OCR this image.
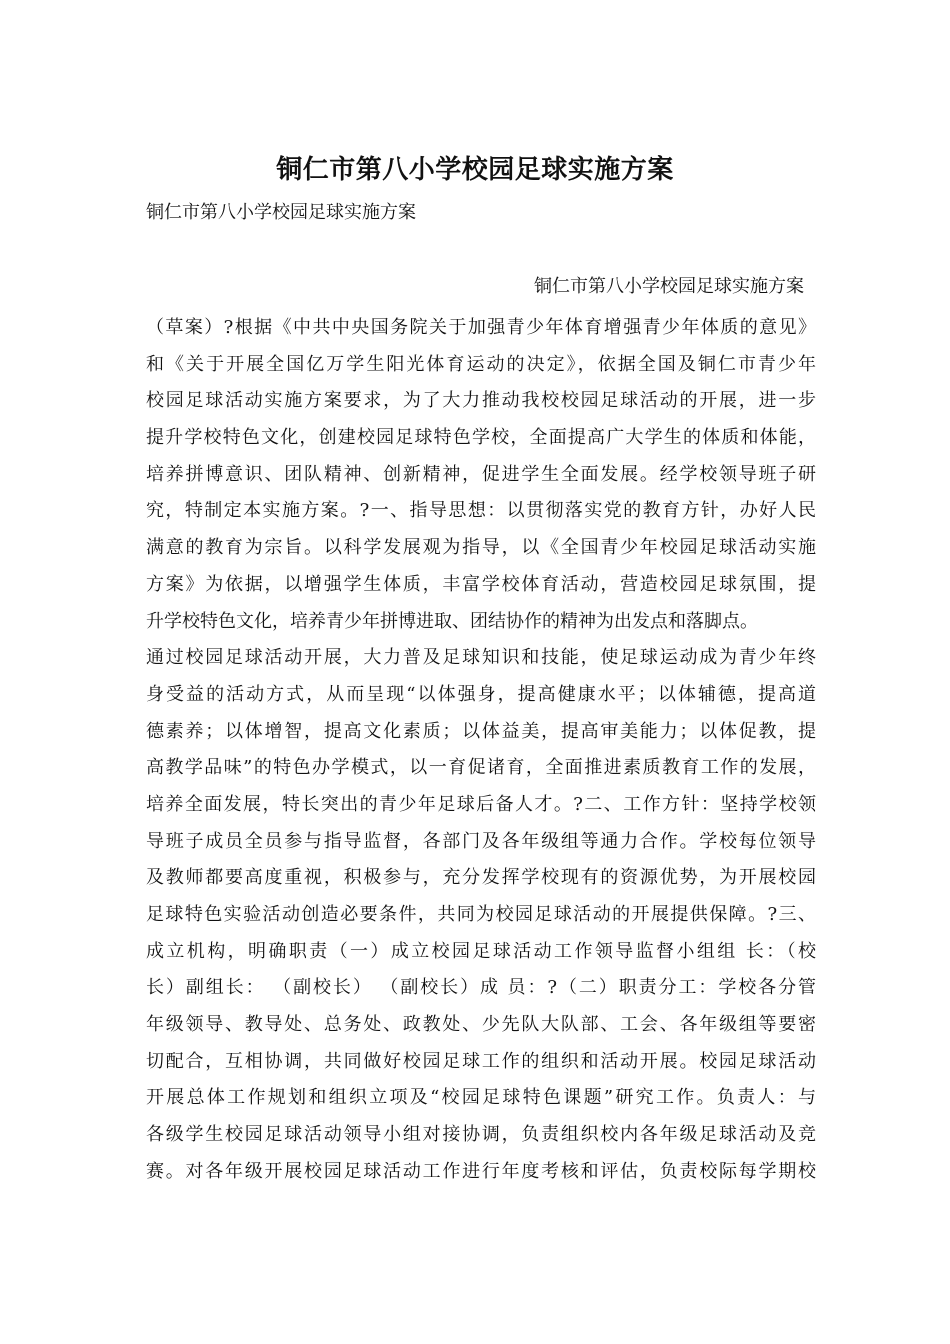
铜仁市第八小学校园足球实施方案
铜仁市第八小学校园足球实施方案
铜仁市第八小学校园足球实施方案
（草案）?根据《中共中央国务院关于加强青少年体育增强青少年体质的意见》
和《关于开展全国亿万学生阳光体育运动的决定》，依据全国及铜仁市青少年
校园足球活动实施方案要求，为了大力推动我校校园足球活动的开展，进一步
提升学校特色文化，创建校园足球特色学校，全面提高广大学生的体质和体能，
培养拼博意识、团队精神、创新精神，促进学生全面发展。经学校领导班子研
究，特制定本实施方案。?一、指导思想：以贯彻落实党的教育方针，办好人民
满意的教育为宗旨。以科学发展观为指导，以《全国青少年校园足球活动实施
方案》为依据，以增强学生体质，丰富学校体育活动，营造校园足球氛围，提
升学校特色文化，培养青少年拼博进取、团结协作的精神为出发点和落脚点。
通过校园足球活动开展，大力普及足球知识和技能，使足球运动成为青少年终
身受益的活动方式，从而呈现“以体强身，提高健康水平；以体辅德，提高道
德素养；以体增智，提高文化素质；以体益美，提高审美能力；以体促教，提
高教学品味”的特色办学模式，以一育促诸育，全面推进素质教育工作的发展，
培养全面发展，特长突出的青少年足球后备人才。?二、工作方针：坚持学校领
导班子成员全员参与指导监督，各部门及各年级组等通力合作。学校每位领导
及教师都要高度重视，积极参与，充分发挥学校现有的资源优势，为开展校园
足球特色实验活动创造必要条件，共同为校园足球活动的开展提供保障。?三、
成立机构，明确职责（一）成立校园足球活动工作领导监督小组组 长：（校
长）副组长： （副校长） （副校长）成 员：?（二）职责分工：学校各分管
年级领导、教导处、总务处、政教处、少先队大队部、工会、各年级组等要密
切配合，互相协调，共同做好校园足球工作的组织和活动开展。校园足球活动
开展总体工作规划和组织立项及“校园足球特色课题”研究工作。负责人：与
各级学生校园足球活动领导小组对接协调，负责组织校内各年级足球活动及竞
赛。对各年级开展校园足球活动工作进行年度考核和评估，负责校际每学期校
